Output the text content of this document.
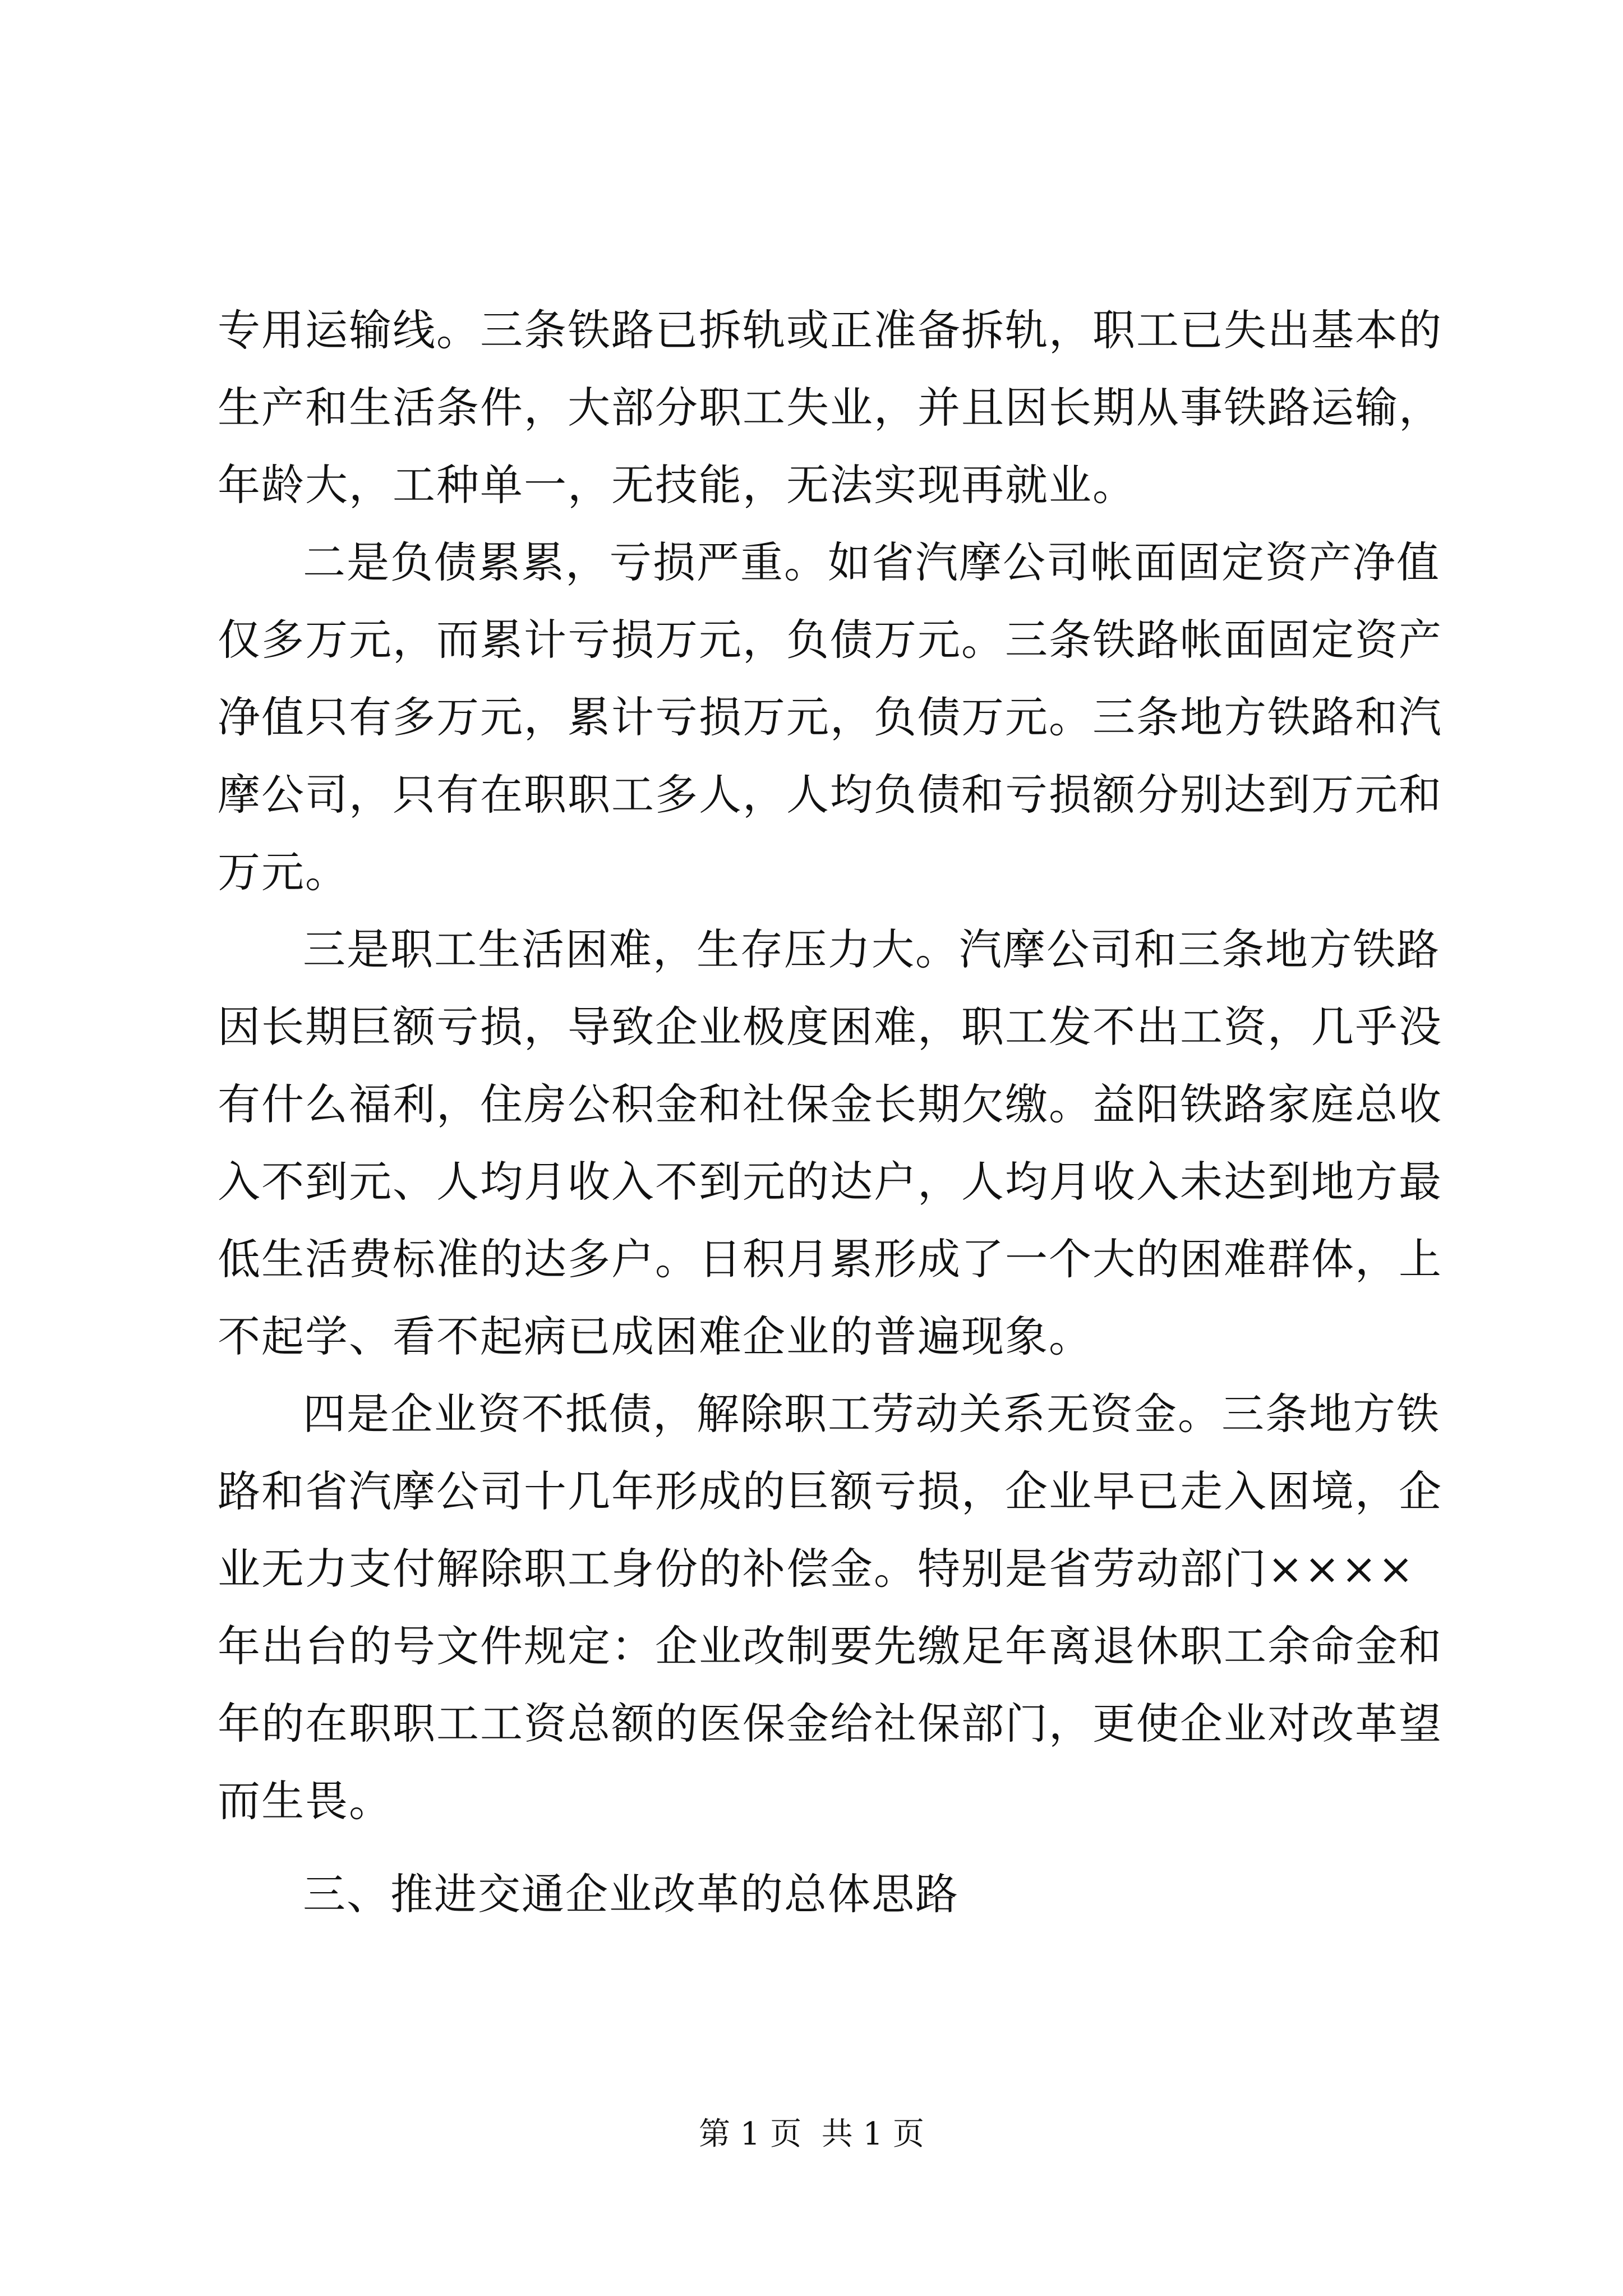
专用运输线。三条铁路已拆轨或正准备拆轨，职工已失出基本的
生产和生活条件，大部分职工失业，并且因长期从事铁路运输，
年龄大，工种单一，无技能，无法实现再就业。
二是负债累累，亏损严重。如省汽摩公司帐面固定资产净值
仅多万元，而累计亏损万元，负债万元。三条铁路帐面固定资产
净值只有多万元，累计亏损万元，负债万元。三条地方铁路和汽
摩公司，只有在职职工多人，人均负债和亏损额分别达到万元和
万元。
三是职工生活困难，生存压力大。汽摩公司和三条地方铁路
因长期巨额亏损，导致企业极度困难，职工发不出工资，几乎没
有什么福利，住房公积金和社保金长期欠缴。益阳铁路家庭总收
入不到元、人均月收入不到元的达户，人均月收入未达到地方最
低生活费标准的达多户。日积月累形成了一个大的困难群体，上
不起学、看不起病已成困难企业的普遍现象。
四是企业资不抵债，解除职工劳动关系无资金。三条地方铁
路和省汽摩公司十几年形成的巨额亏损，企业早已走入困境，企
业无力支付解除职工身份的补偿金。特别是省劳动部门××××
年出台的号文件规定：企业改制要先缴足年离退休职工余命金和
年的在职职工工资总额的医保金给社保部门，更使企业对改革望
而生畏。
三、推进交通企业改革的总体思路
第 1 页  共 1 页
